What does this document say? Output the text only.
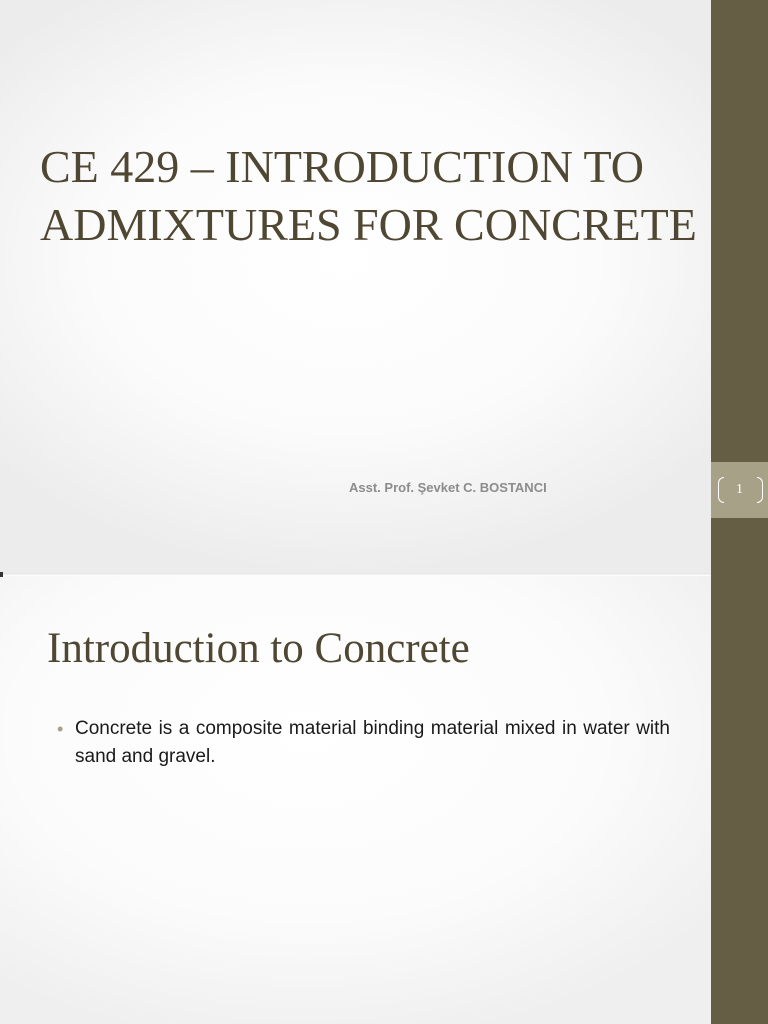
CE 429 – INTRODUCTION TO
ADMIXTURES FOR CONCRETE

Asst. Prof. Şevket C. BOSTANCI

Introduction to Concrete
• Concrete is a composite material binding material mixed in water with sand and gravel.
1
